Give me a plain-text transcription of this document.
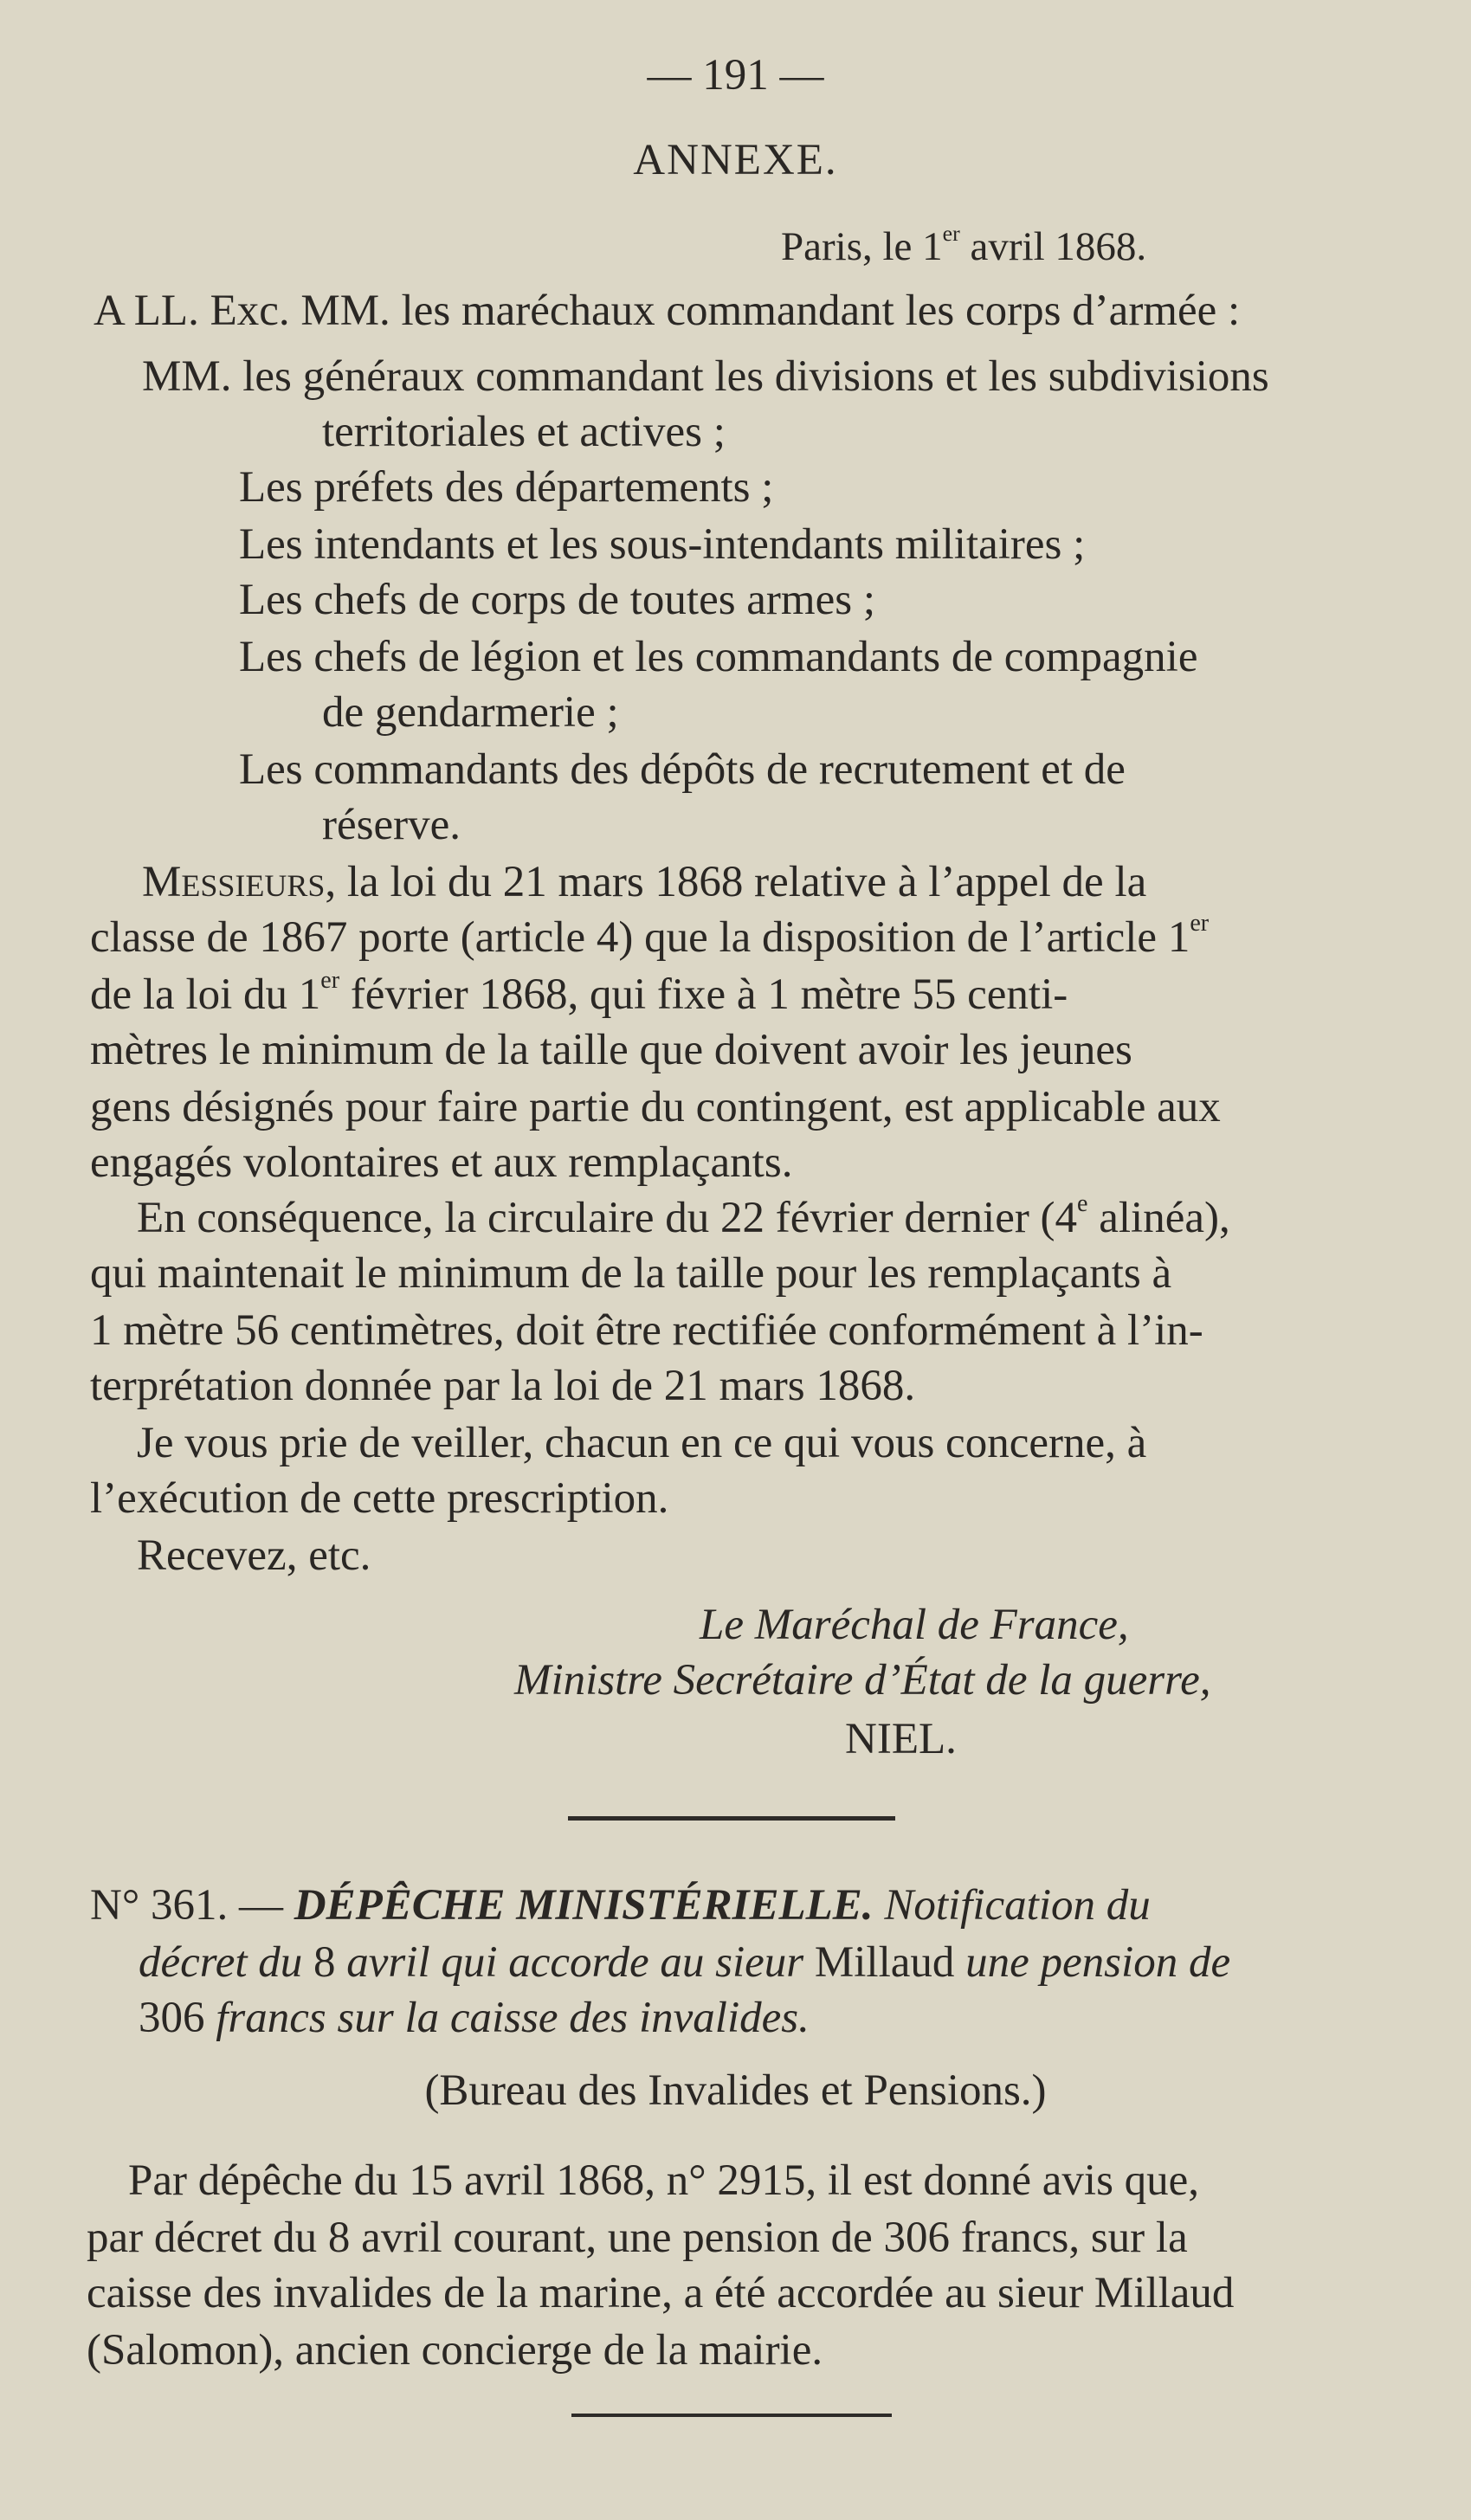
— 191 —
ANNEXE.
Paris, le 1er avril 1868.
A LL. Exc. MM. les maréchaux commandant les corps d’armée :
MM. les généraux commandant les divisions et les subdivisions
territoriales et actives ;
Les préfets des départements ;
Les intendants et les sous-intendants militaires ;
Les chefs de corps de toutes armes ;
Les chefs de légion et les commandants de compagnie
de gendarmerie ;
Les commandants des dépôts de recrutement et de
réserve.
Messieurs, la loi du 21 mars 1868 relative à l’appel de la
classe de 1867 porte (article 4) que la disposition de l’article 1er
de la loi du 1er février 1868, qui fixe à 1 mètre 55 centi-
mètres le minimum de la taille que doivent avoir les jeunes
gens désignés pour faire partie du contingent, est applicable aux
engagés volontaires et aux remplaçants.
En conséquence, la circulaire du 22 février dernier (4e alinéa),
qui maintenait le minimum de la taille pour les remplaçants à
1 mètre 56 centimètres, doit être rectifiée conformément à l’in-
terprétation donnée par la loi de 21 mars 1868.
Je vous prie de veiller, chacun en ce qui vous concerne, à
l’exécution de cette prescription.
Recevez, etc.
Le Maréchal de France,
Ministre Secrétaire d’État de la guerre,
NIEL.
N° 361. — DÉPÊCHE MINISTÉRIELLE. Notification du
décret du 8 avril qui accorde au sieur Millaud une pension de
306 francs sur la caisse des invalides.
(Bureau des Invalides et Pensions.)
Par dépêche du 15 avril 1868, n° 2915, il est donné avis que,
par décret du 8 avril courant, une pension de 306 francs, sur la
caisse des invalides de la marine, a été accordée au sieur Millaud
(Salomon), ancien concierge de la mairie.
